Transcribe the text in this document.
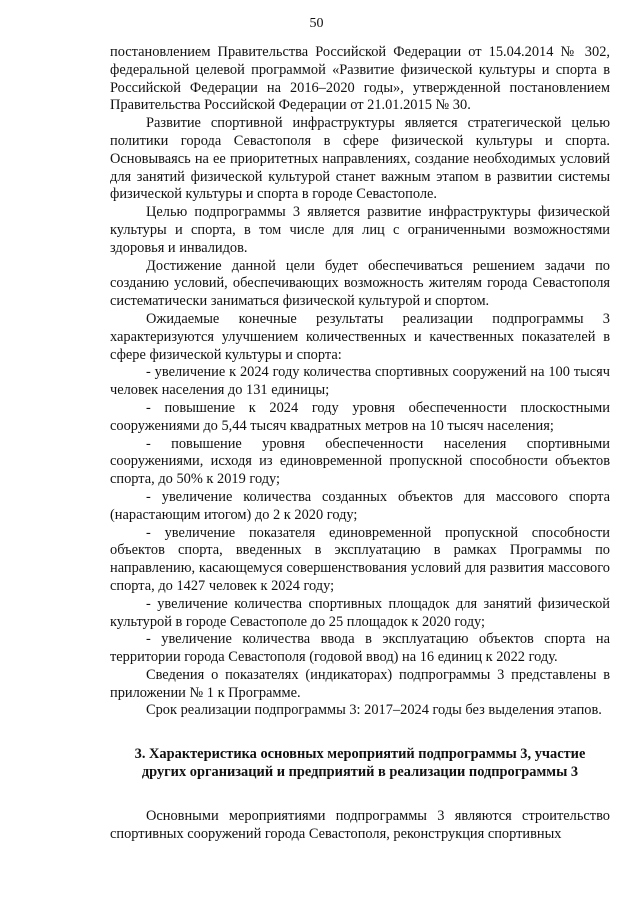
50

постановлением Правительства Российской Федерации от 15.04.2014 № 302, федеральной целевой программой «Развитие физической культуры и спорта в Российской Федерации на 2016–2020 годы», утвержденной постановлением Правительства Российской Федерации от 21.01.2015 № 30.

Развитие спортивной инфраструктуры является стратегической целью политики города Севастополя в сфере физической культуры и спорта. Основываясь на ее приоритетных направлениях, создание необходимых условий для занятий физической культурой станет важным этапом в развитии системы физической культуры и спорта в городе Севастополе.

Целью подпрограммы 3 является развитие инфраструктуры физической культуры и спорта, в том числе для лиц с ограниченными возможностями здоровья и инвалидов.

Достижение данной цели будет обеспечиваться решением задачи по созданию условий, обеспечивающих возможность жителям города Севастополя систематически заниматься физической культурой и спортом.

Ожидаемые конечные результаты реализации подпрограммы 3 характеризуются улучшением количественных и качественных показателей в сфере физической культуры и спорта:

- увеличение к 2024 году количества спортивных сооружений на 100 тысяч человек населения до 131 единицы;

- повышение к 2024 году уровня обеспеченности плоскостными сооружениями до 5,44 тысяч квадратных метров на 10 тысяч населения;

- повышение уровня обеспеченности населения спортивными сооружениями, исходя из единовременной пропускной способности объектов спорта, до 50% к 2019 году;

- увеличение количества созданных объектов для массового спорта (нарастающим итогом) до 2 к 2020 году;

- увеличение показателя единовременной пропускной способности объектов спорта, введенных в эксплуатацию в рамках Программы по направлению, касающемуся совершенствования условий для развития массового спорта, до 1427 человек к 2024 году;

- увеличение количества спортивных площадок для занятий физической культурой в городе Севастополе до 25 площадок к 2020 году;

- увеличение количества ввода в эксплуатацию объектов спорта на территории города Севастополя (годовой ввод) на 16 единиц к 2022 году.

Сведения о показателях (индикаторах) подпрограммы 3 представлены в приложении № 1 к Программе.

Срок реализации подпрограммы 3: 2017–2024 годы без выделения этапов.

3. Характеристика основных мероприятий подпрограммы 3, участие других организаций и предприятий в реализации подпрограммы 3

Основными мероприятиями подпрограммы 3 являются строительство спортивных сооружений города Севастополя, реконструкция спортивных
